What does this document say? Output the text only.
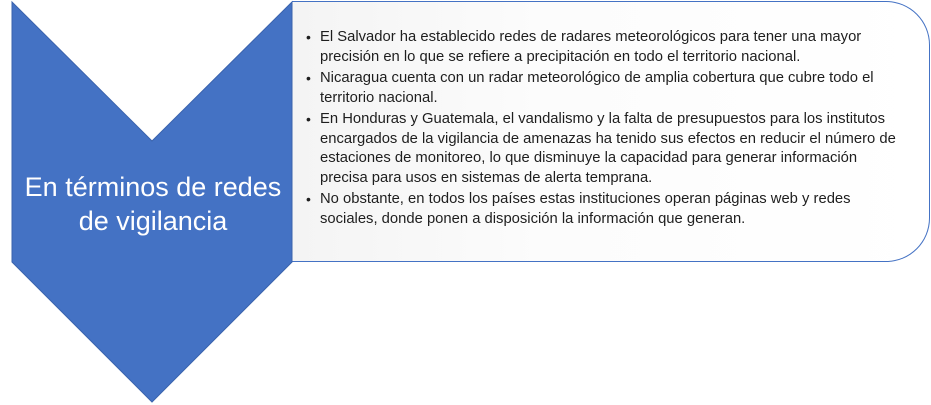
En términos de redes de vigilancia
• El Salvador ha establecido redes de radares meteorológicos para tener una mayor precisión en lo que se refiere a precipitación en todo el territorio nacional.
• Nicaragua cuenta con un radar meteorológico de amplia cobertura que cubre todo el territorio nacional.
• En Honduras y Guatemala, el vandalismo y la falta de presupuestos para los institutos encargados de la vigilancia de amenazas ha tenido sus efectos en reducir el número de estaciones de monitoreo, lo que disminuye la capacidad para generar información precisa para usos en sistemas de alerta temprana.
• No obstante, en todos los países estas instituciones operan páginas web y redes sociales, donde ponen a disposición la información que generan.
